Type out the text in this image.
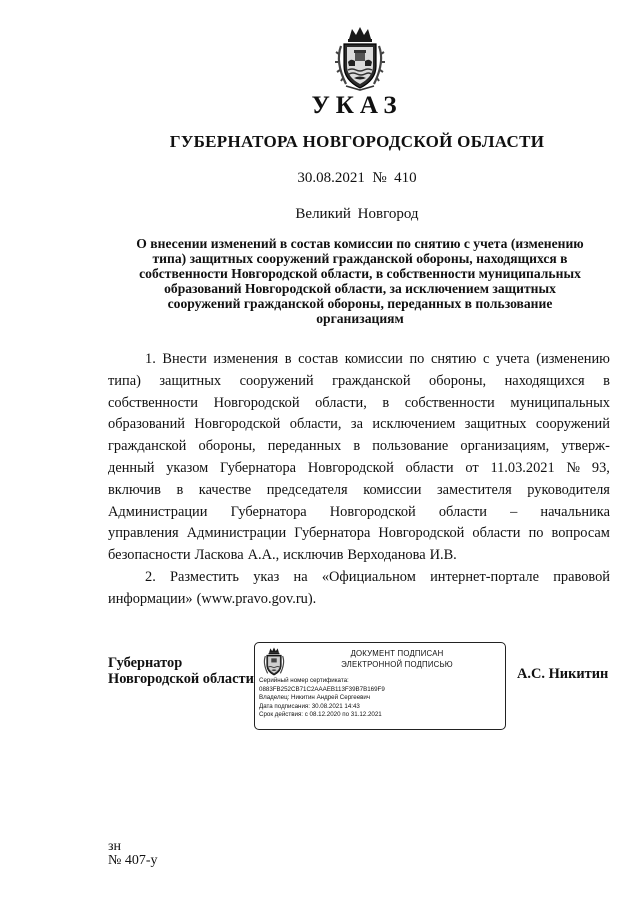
УКАЗ
ГУБЕРНАТОРА НОВГОРОДСКОЙ ОБЛАСТИ
30.08.2021 № 410
Великий Новгород
О внесении изменений в состав комиссии по снятию с учета (изменению
типа) защитных сооружений гражданской обороны, находящихся в
собственности Новгородской области, в собственности муниципальных
образований Новгородской области, за исключением защитных
сооружений гражданской обороны, переданных в пользование
организациям
1. Внести изменения в состав комиссии по снятию с учета (изменению
типа) защитных сооружений гражданской обороны, находящихся в
собственности Новгородской области, в собственности муниципальных
образований Новгородской области, за исключением защитных сооружений
гражданской обороны, переданных в пользование организациям, утверж-
денный указом Губернатора Новгородской области от 11.03.2021 № 93,
включив в качестве председателя комиссии заместителя руководителя
Администрации Губернатора Новгородской области – начальника
управления Администрации Губернатора Новгородской области по вопросам
безопасности Ласкова А.А., исключив Верходанова И.В.
2. Разместить указ на «Официальном интернет-портале правовой
информации» (www.pravo.gov.ru).
Губернатор
Новгородской области
ДОКУМЕНТ ПОДПИСАН
ЭЛЕКТРОННОЙ ПОДПИСЬЮ
Серийный номер сертификата:
0883FB252CB71C2AAAEB113F39B7B169F9
Владелец: Никитин Андрей Сергеевич
Дата подписания: 30.08.2021 14:43
Срок действия: с 08.12.2020 по 31.12.2021
А.С. Никитин
зн
№ 407-у
